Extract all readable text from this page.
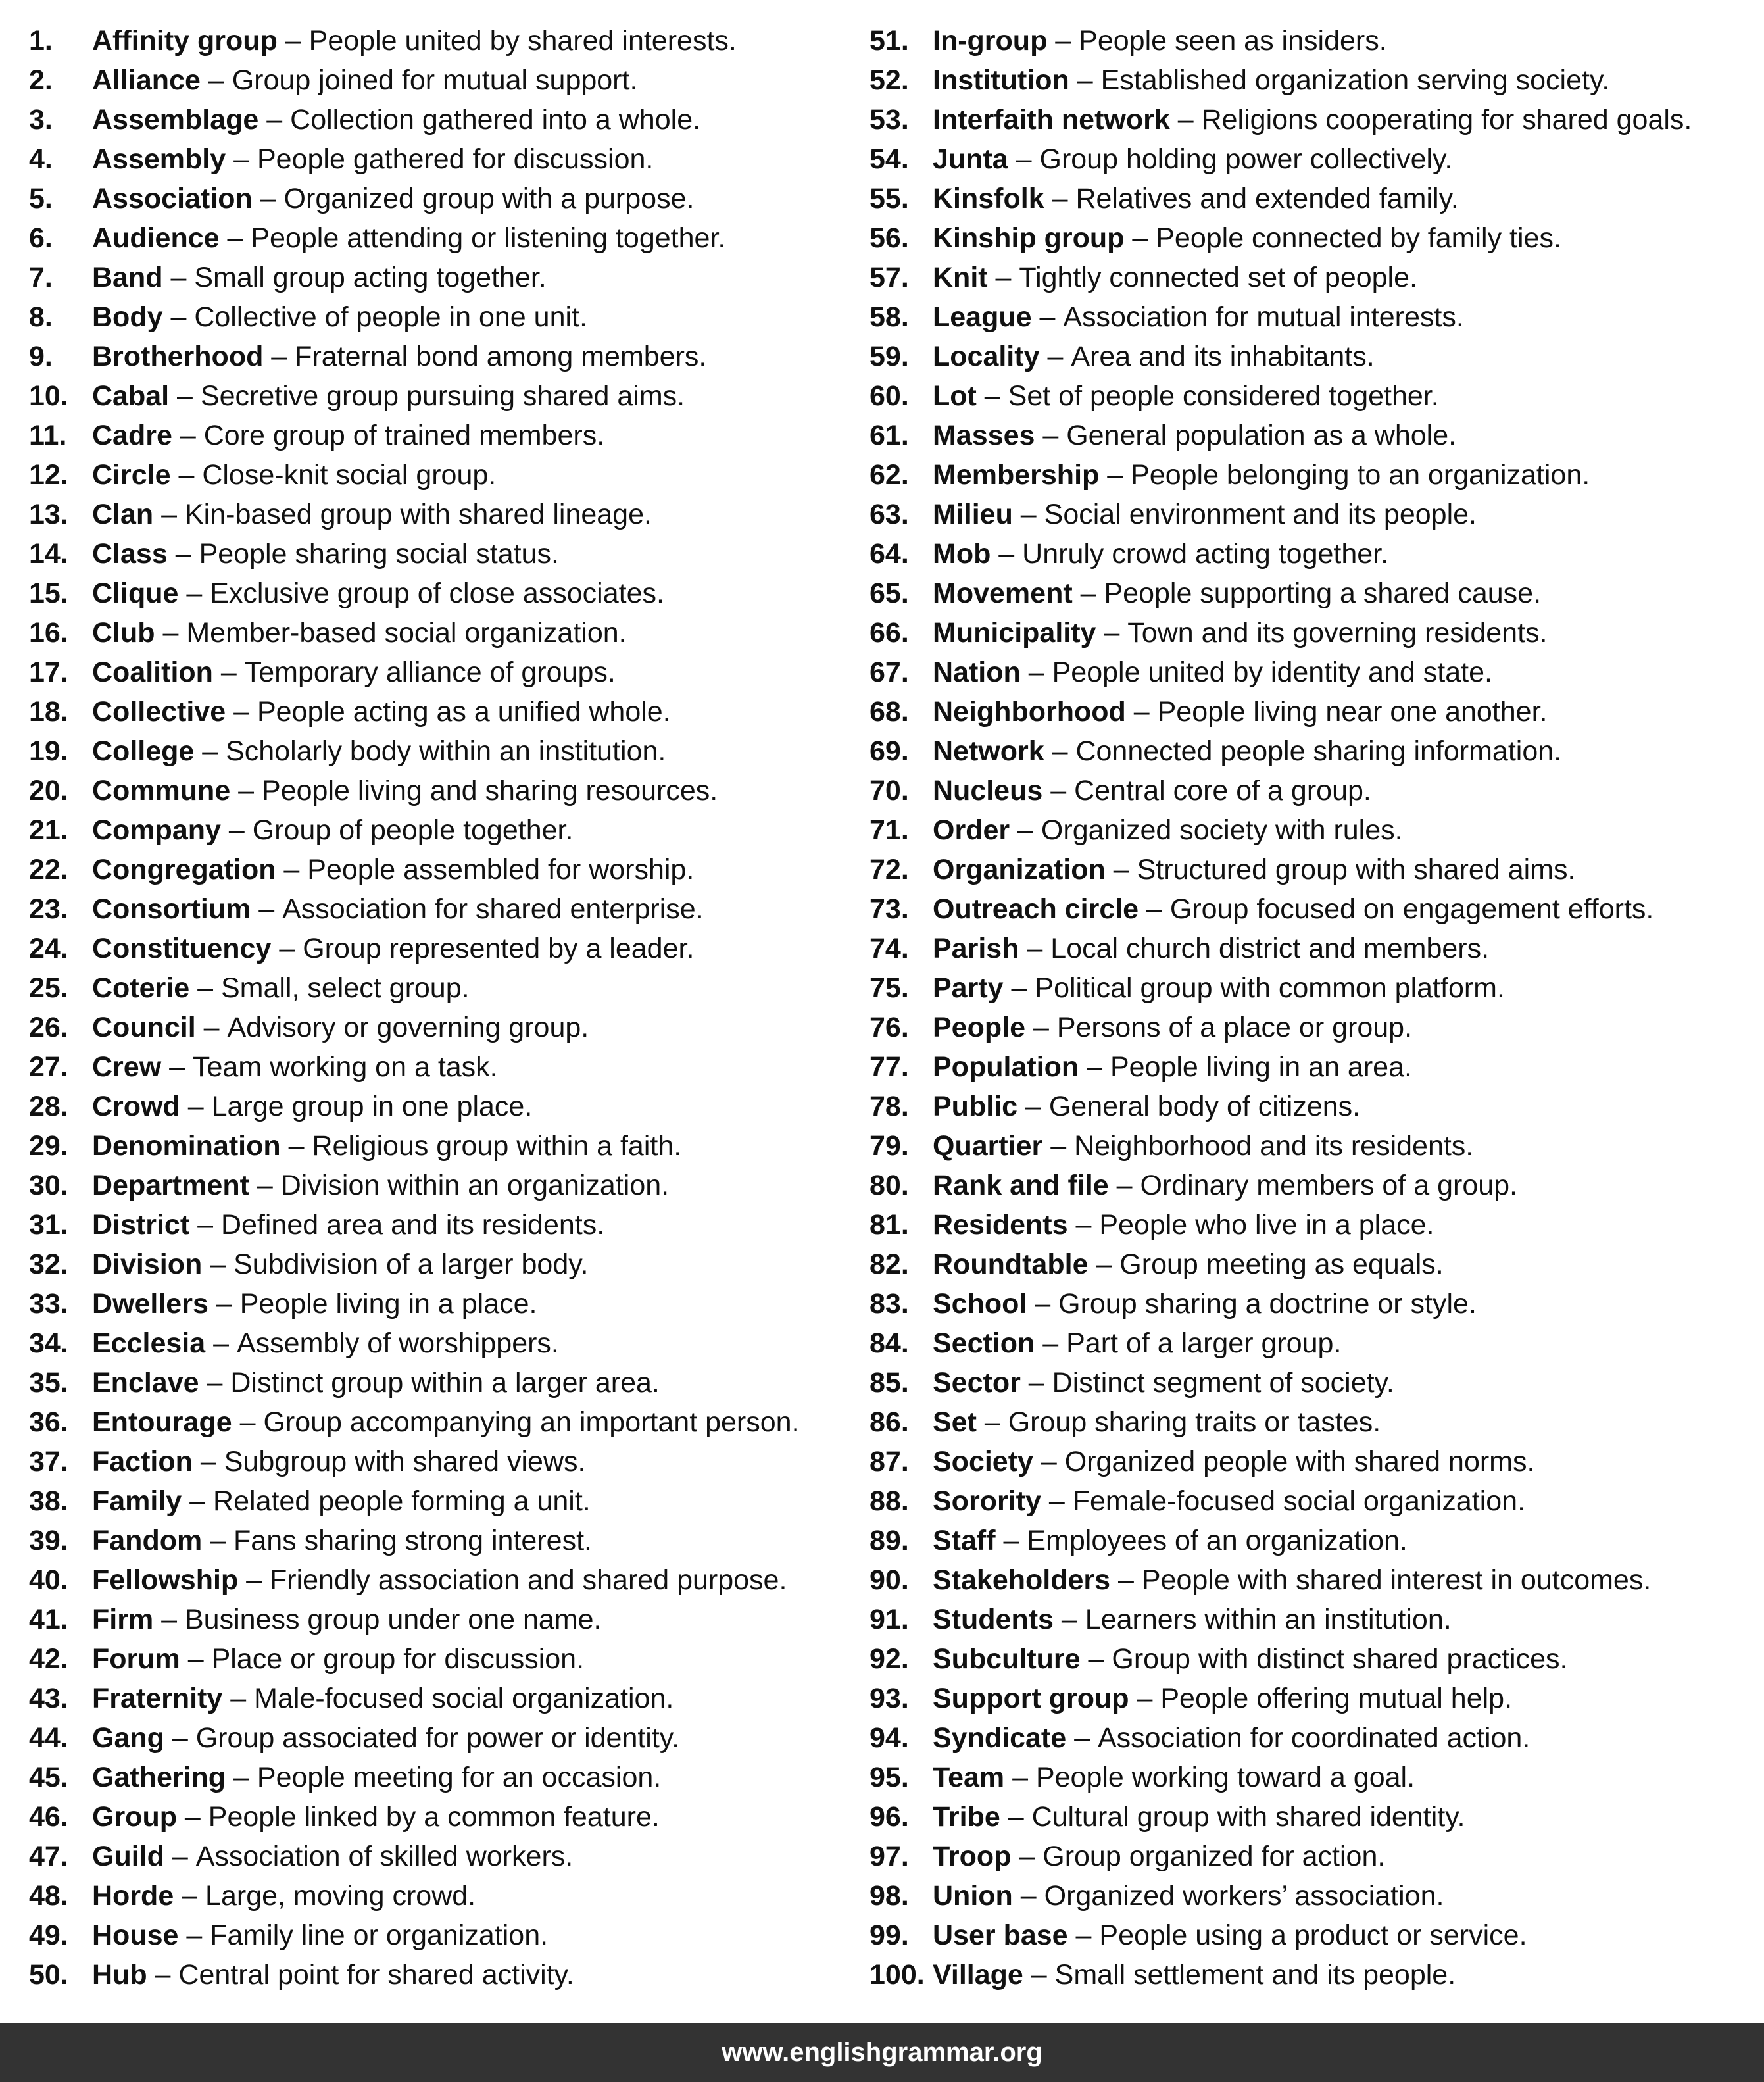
1.	Affinity group – People united by shared interests.
2.	Alliance – Group joined for mutual support.
3.	Assemblage – Collection gathered into a whole.
4.	Assembly – People gathered for discussion.
5.	Association – Organized group with a purpose.
6.	Audience – People attending or listening together.
7.	Band – Small group acting together.
8.	Body – Collective of people in one unit.
9.	Brotherhood – Fraternal bond among members.
10. Cabal – Secretive group pursuing shared aims.
11. Cadre – Core group of trained members.
12. Circle – Close-knit social group.
13. Clan – Kin-based group with shared lineage.
14. Class – People sharing social status.
15. Clique – Exclusive group of close associates.
16. Club – Member-based social organization.
17. Coalition – Temporary alliance of groups.
18. Collective – People acting as a unified whole.
19. College – Scholarly body within an institution.
20. Commune – People living and sharing resources.
21. Company – Group of people together.
22. Congregation – People assembled for worship.
23. Consortium – Association for shared enterprise.
24. Constituency – Group represented by a leader.
25. Coterie – Small, select group.
26. Council – Advisory or governing group.
27. Crew – Team working on a task.
28. Crowd – Large group in one place.
29. Denomination – Religious group within a faith.
30. Department – Division within an organization.
31. District – Defined area and its residents.
32. Division – Subdivision of a larger body.
33. Dwellers – People living in a place.
34. Ecclesia – Assembly of worshippers.
35. Enclave – Distinct group within a larger area.
36. Entourage – Group accompanying an important person.
37. Faction – Subgroup with shared views.
38. Family – Related people forming a unit.
39. Fandom – Fans sharing strong interest.
40. Fellowship – Friendly association and shared purpose.
41. Firm – Business group under one name.
42. Forum – Place or group for discussion.
43. Fraternity – Male-focused social organization.
44. Gang – Group associated for power or identity.
45. Gathering – People meeting for an occasion.
46. Group – People linked by a common feature.
47. Guild – Association of skilled workers.
48. Horde – Large, moving crowd.
49. House – Family line or organization.
50. Hub – Central point for shared activity.
51. In-group – People seen as insiders.
52. Institution – Established organization serving society.
53. Interfaith network – Religions cooperating for shared goals.
54. Junta – Group holding power collectively.
55. Kinsfolk – Relatives and extended family.
56. Kinship group – People connected by family ties.
57. Knit – Tightly connected set of people.
58. League – Association for mutual interests.
59. Locality – Area and its inhabitants.
60. Lot – Set of people considered together.
61. Masses – General population as a whole.
62. Membership – People belonging to an organization.
63. Milieu – Social environment and its people.
64. Mob – Unruly crowd acting together.
65. Movement – People supporting a shared cause.
66. Municipality – Town and its governing residents.
67. Nation – People united by identity and state.
68. Neighborhood – People living near one another.
69. Network – Connected people sharing information.
70. Nucleus – Central core of a group.
71. Order – Organized society with rules.
72. Organization – Structured group with shared aims.
73. Outreach circle – Group focused on engagement efforts.
74. Parish – Local church district and members.
75. Party – Political group with common platform.
76. People – Persons of a place or group.
77. Population – People living in an area.
78. Public – General body of citizens.
79. Quartier – Neighborhood and its residents.
80. Rank and file – Ordinary members of a group.
81. Residents – People who live in a place.
82. Roundtable – Group meeting as equals.
83. School – Group sharing a doctrine or style.
84. Section – Part of a larger group.
85. Sector – Distinct segment of society.
86. Set – Group sharing traits or tastes.
87. Society – Organized people with shared norms.
88. Sorority – Female-focused social organization.
89. Staff – Employees of an organization.
90. Stakeholders – People with shared interest in outcomes.
91. Students – Learners within an institution.
92. Subculture – Group with distinct shared practices.
93. Support group – People offering mutual help.
94. Syndicate – Association for coordinated action.
95. Team – People working toward a goal.
96. Tribe – Cultural group with shared identity.
97. Troop – Group organized for action.
98. Union – Organized workers’ association.
99. User base – People using a product or service.
100. Village – Small settlement and its people.
www.englishgrammar.org
